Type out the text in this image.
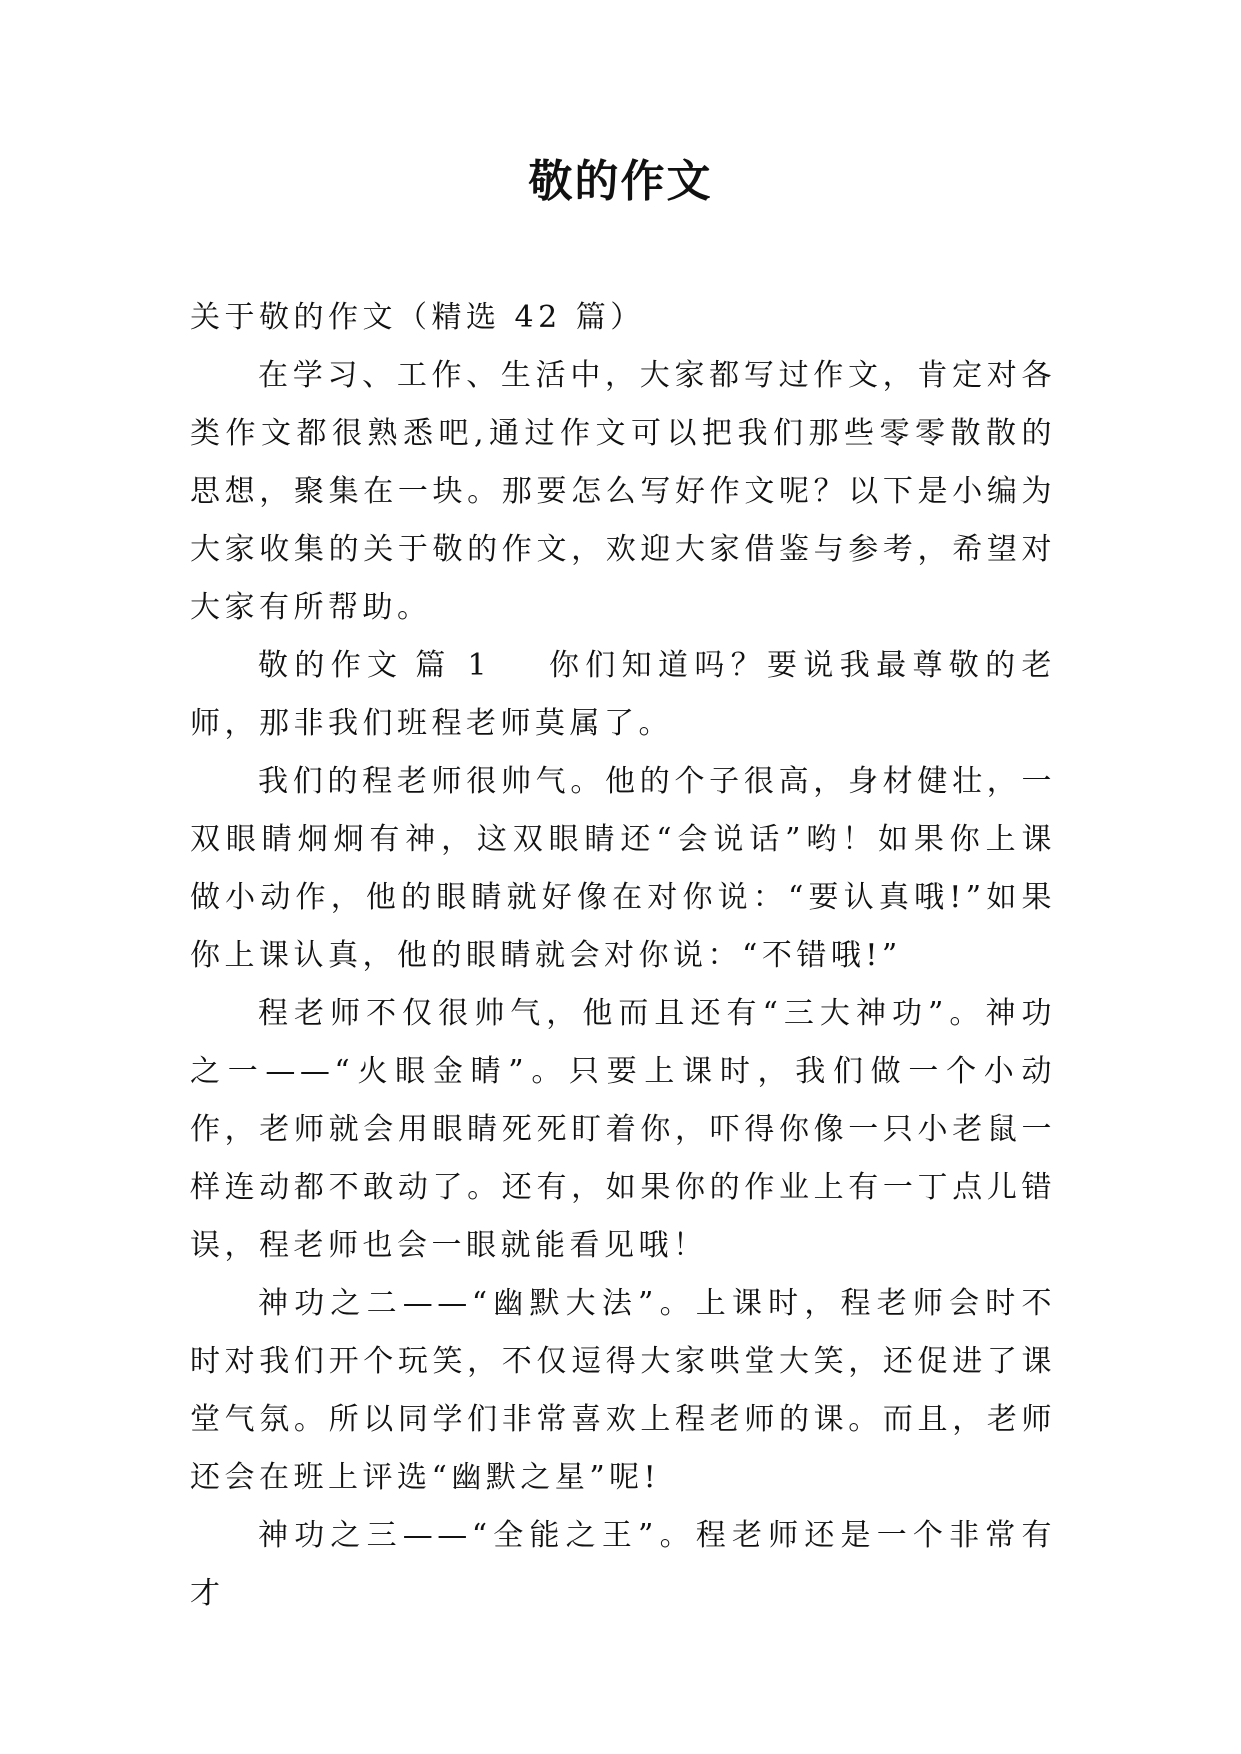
敬的作文

关于敬的作文（精选 42 篇）

在学习、工作、生活中，大家都写过作文，肯定对各类作文都很熟悉吧,通过作文可以把我们那些零零散散的思想，聚集在一块。那要怎么写好作文呢？以下是小编为大家收集的关于敬的作文，欢迎大家借鉴与参考，希望对大家有所帮助。

敬的作文 篇 1 你们知道吗？要说我最尊敬的老师，那非我们班程老师莫属了。

我们的程老师很帅气。他的个子很高，身材健壮，一双眼睛炯炯有神，这双眼睛还“会说话”哟！如果你上课做小动作，他的眼睛就好像在对你说：“要认真哦!”如果你上课认真，他的眼睛就会对你说：“不错哦!”

程老师不仅很帅气，他而且还有“三大神功”。神功之一——“火眼金睛”。只要上课时，我们做一个小动作，老师就会用眼睛死死盯着你，吓得你像一只小老鼠一样连动都不敢动了。还有，如果你的作业上有一丁点儿错误，程老师也会一眼就能看见哦！

神功之二——“幽默大法”。上课时，程老师会时不时对我们开个玩笑，不仅逗得大家哄堂大笑，还促进了课堂气氛。所以同学们非常喜欢上程老师的课。而且，老师还会在班上评选“幽默之星”呢!

神功之三——“全能之王”。程老师还是一个非常有才
